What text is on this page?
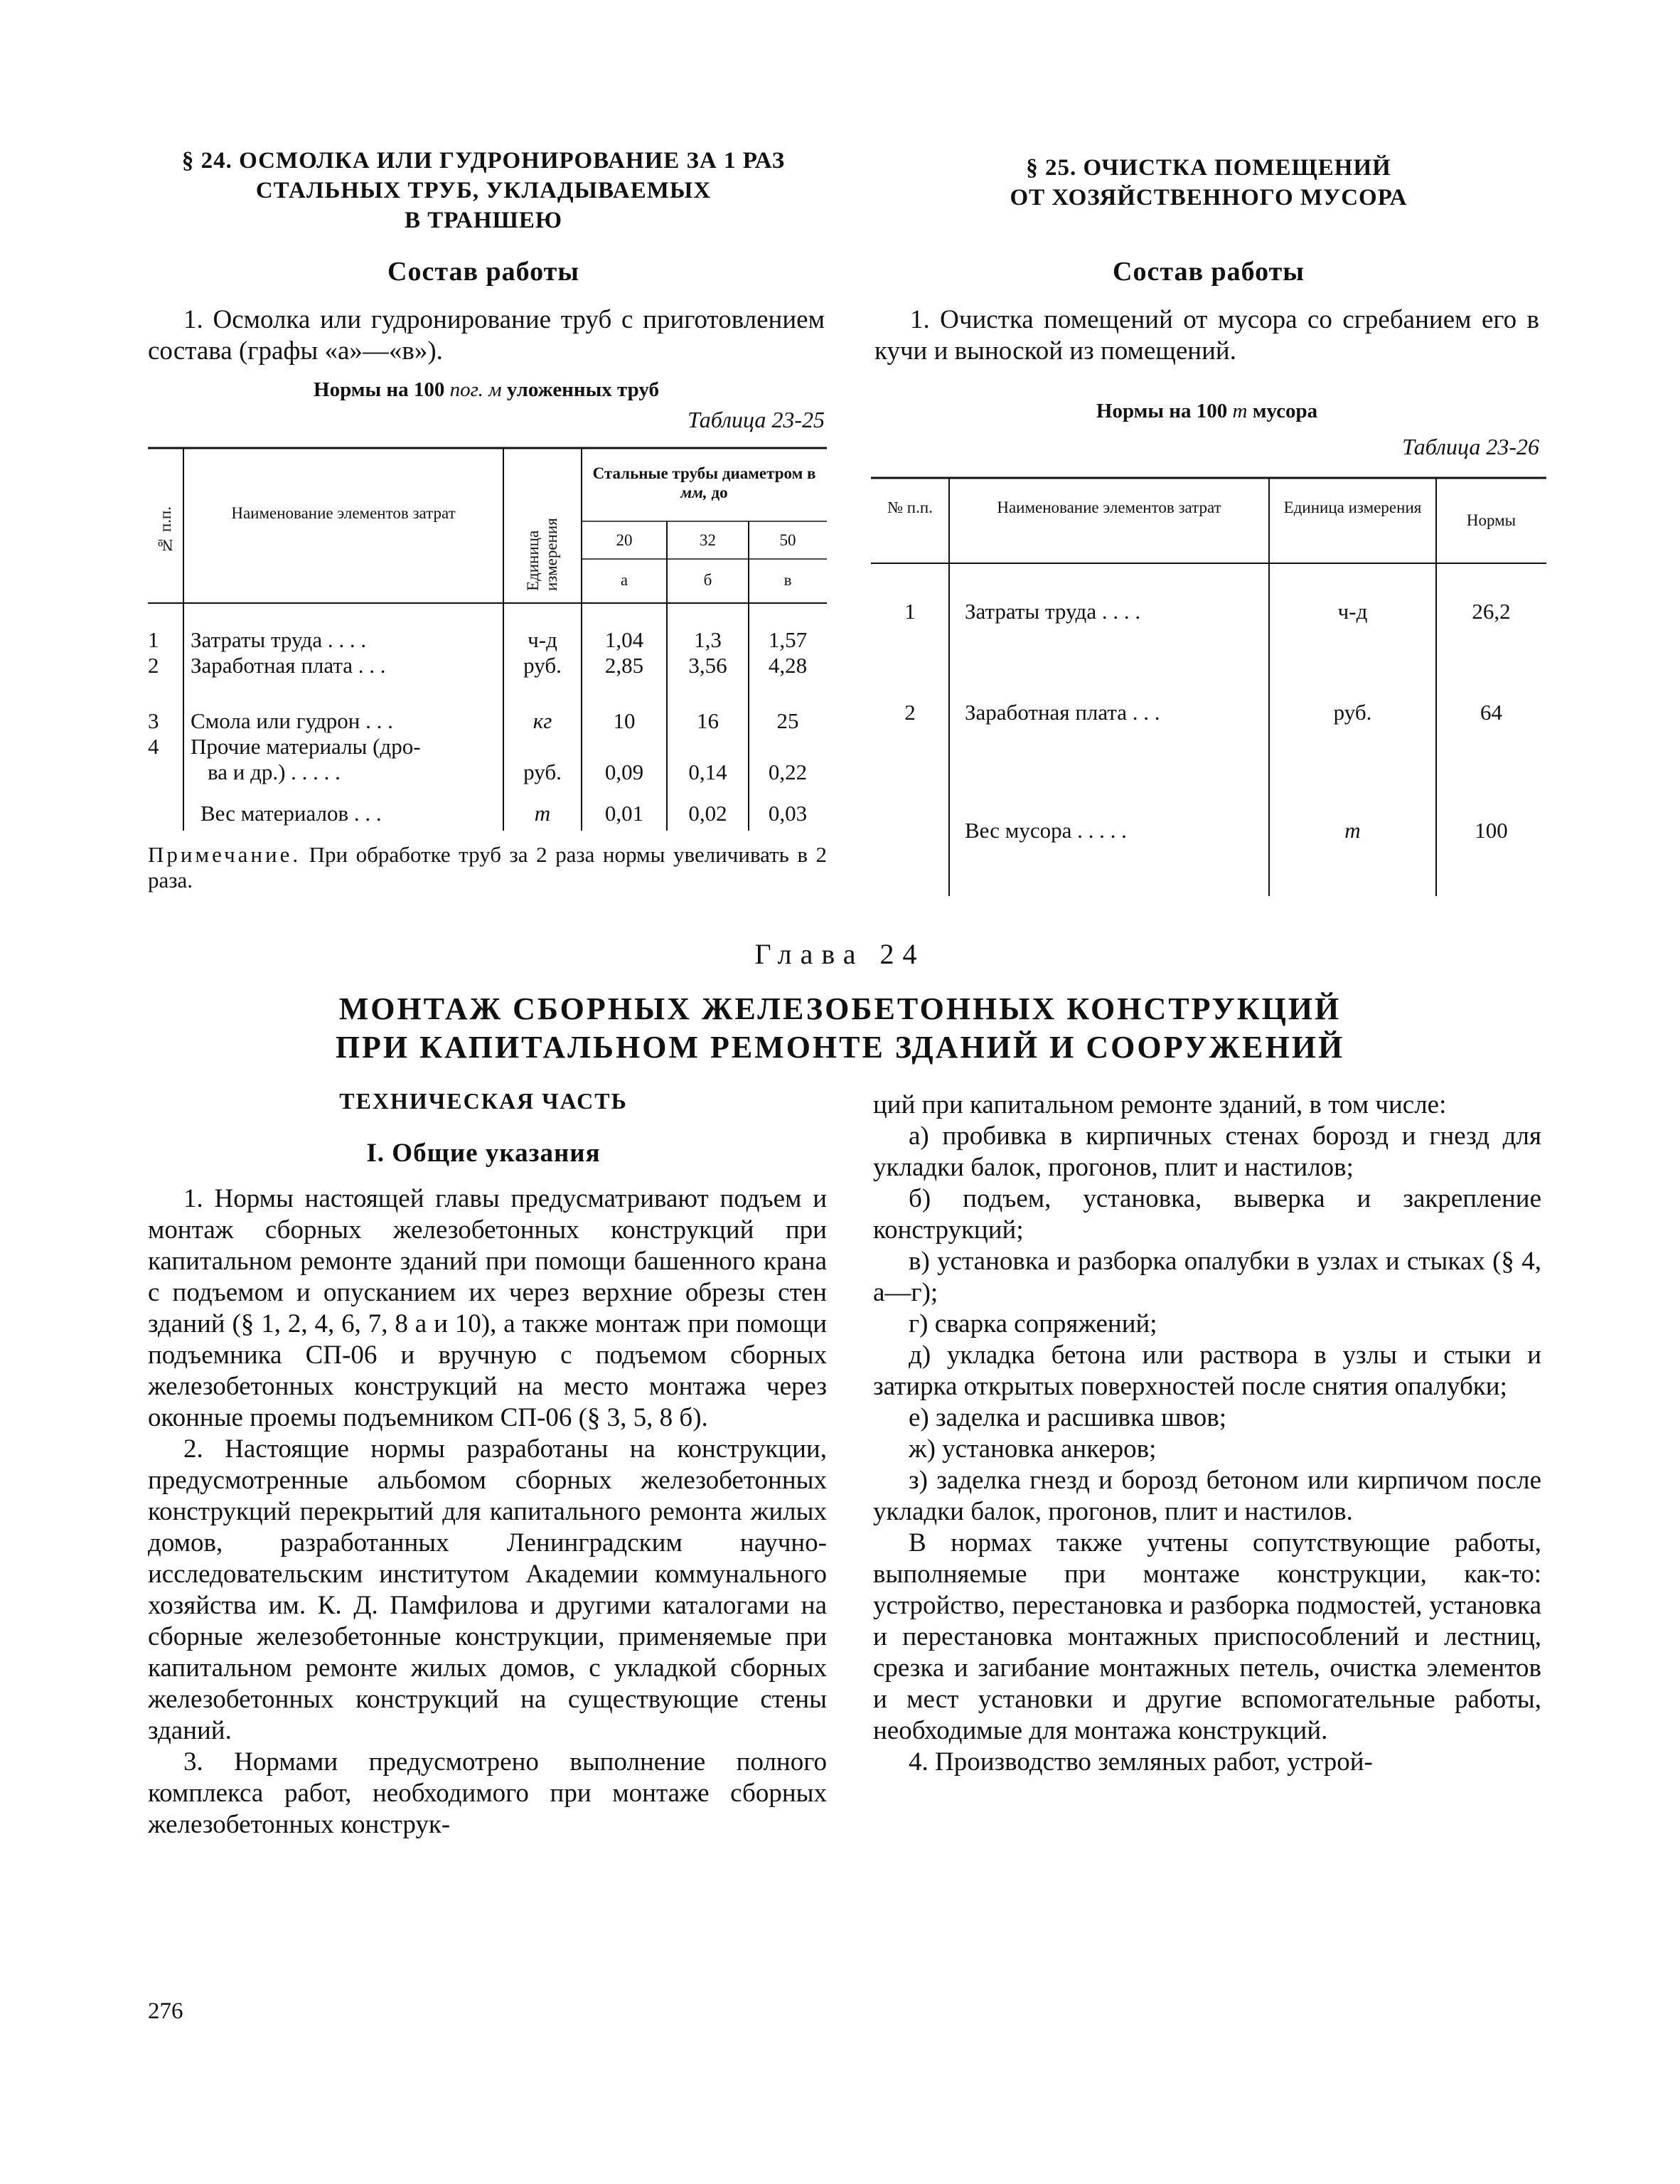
§ 24. ОСМОЛКА ИЛИ ГУДРОНИРОВАНИЕ ЗА 1 РАЗ
СТАЛЬНЫХ ТРУБ, УКЛАДЫВАЕМЫХ
В ТРАНШЕЮ
Состав работы

1. Осмолка или гудронирование труб с приготовлением состава (графы «а»—«в»).

Нормы на 100 пог. м уложенных труб
Таблица 23-25
№ п.п.	Наименование элементов затрат
Единица измерения
Стальные трубы диаметром в мм, до
20	32	50
а	б	в
1	Затраты труда . . . .	ч-д	1,04	1,3	1,57
2	Заработная плата . . .	руб.	2,85	3,56	4,28
3	Смола или гудрон . . .	кг	10	16	25
4	Прочие материалы (дро-
ва и др.) . . . . .	руб.	0,09	0,14	0,22
Вес материалов . . .	т	0,01	0,02	0,03
Примечание. При обработке труб за 2 раза нормы увеличивать в 2 раза.
§ 25. ОЧИСТКА ПОМЕЩЕНИЙ
ОТ ХОЗЯЙСТВЕННОГО МУСОРА
Состав работы

1. Очистка помещений от мусора со сгребанием его в кучи и выноской из помещений.

Нормы на 100 т мусора
Таблица 23-26
№ п.п.	Наименование элементов затрат	Единица измерения
Нормы
1	Затраты труда . . . .	ч-д	26,2
2	Заработная плата . . .	руб.	64
Вес мусора . . . . .	т	100
Глава 24
МОНТАЖ СБОРНЫХ ЖЕЛЕЗОБЕТОННЫХ КОНСТРУКЦИЙ
ПРИ КАПИТАЛЬНОМ РЕМОНТЕ ЗДАНИЙ И СООРУЖЕНИЙ
ТЕХНИЧЕСКАЯ ЧАСТЬ
I. Общие указания

1. Нормы настоящей главы предусматривают подъем и монтаж сборных железобетонных конструкций при капитальном ремонте зданий при помощи башенного крана с подъемом и опусканием их через верхние обрезы стен зданий (§ 1, 2, 4, 6, 7, 8 а и 10), а также монтаж при помощи подъемника СП-06 и вручную с подъемом сборных железобетонных конструкций на место монтажа через оконные проемы подъемником СП-06 (§ 3, 5, 8 б).

2. Настоящие нормы разработаны на конструкции, предусмотренные альбомом сборных железобетонных конструкций перекрытий для капитального ремонта жилых домов, разработанных Ленинградским научно-исследовательским институтом Академии коммунального хозяйства им. К. Д. Памфилова и другими каталогами на сборные железобетонные конструкции, применяемые при капитальном ремонте жилых домов, с укладкой сборных железобетонных конструкций на существующие стены зданий.

3. Нормами предусмотрено выполнение полного комплекса работ, необходимого при монтаже сборных железобетонных конструк-

ций при капитальном ремонте зданий, в том числе:

а) пробивка в кирпичных стенах борозд и гнезд для укладки балок, прогонов, плит и настилов;

б) подъем, установка, выверка и закрепление конструкций;

в) установка и разборка опалубки в узлах и стыках (§ 4, а—г);

г) сварка сопряжений;

д) укладка бетона или раствора в узлы и стыки и затирка открытых поверхностей после снятия опалубки;

е) заделка и расшивка швов;

ж) установка анкеров;

з) заделка гнезд и борозд бетоном или кирпичом после укладки балок, прогонов, плит и настилов.

В нормах также учтены сопутствующие работы, выполняемые при монтаже конструкции, как-то: устройство, перестановка и разборка подмостей, установка и перестановка монтажных приспособлений и лестниц, срезка и загибание монтажных петель, очистка элементов и мест установки и другие вспомогательные работы, необходимые для монтажа конструкций.

4. Производство земляных работ, устрой-

276
